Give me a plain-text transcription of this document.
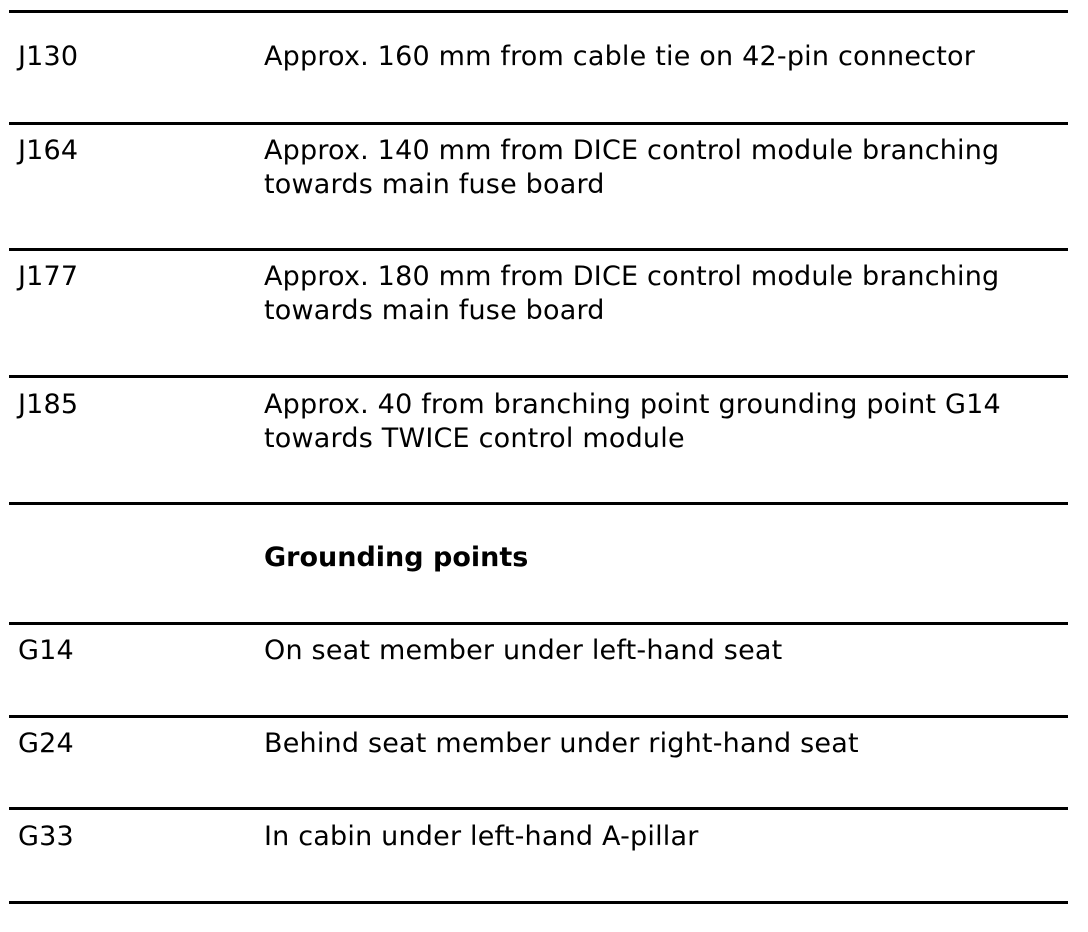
J130	Approx. 160 mm from cable tie on 42-pin connector
J164	Approx. 140 mm from DICE control module branching
towards main fuse board
J177	Approx. 180 mm from DICE control module branching
towards main fuse board
J185	Approx. 40 from branching point grounding point G14
towards TWICE control module
Grounding points
G14	On seat member under left-hand seat
G24	Behind seat member under right-hand seat
G33	In cabin under left-hand A-pillar
